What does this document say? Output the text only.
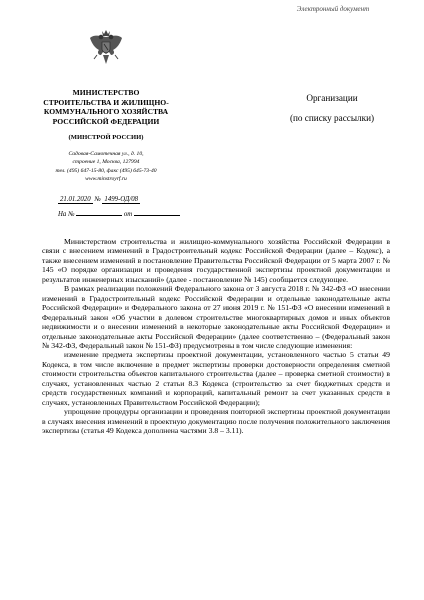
Электронный документ
МИНИСТЕРСТВО
СТРОИТЕЛЬСТВА И ЖИЛИЩНО-
КОММУНАЛЬНОГО ХОЗЯЙСТВА
РОССИЙСКОЙ ФЕДЕРАЦИИ
(МИНСТРОЙ РОССИИ)
Садовая-Самотечная ул., д. 10,
строение 1, Москва, 127994
тел. (495) 647-15-80, факс (495) 645-73-40
www.minstroyrf.ru
21.01.2020 № 1499-ОД/08
На №	от
Организации
(по списку рассылки)

Министерством строительства и жилищно-коммунального хозяйства Российской Федерации в связи с внесением изменений в Градостроительный кодекс Российской Федерации (далее – Кодекс), а также внесением изменений в постановление Правительства Российской Федерации от 5 марта 2007 г. № 145 «О порядке организации и проведения государственной экспертизы проектной документации и результатов инженерных изысканий» (далее - постановление № 145) сообщается следующее.

В рамках реализации положений Федерального закона от 3 августа 2018 г. № 342-ФЗ «О внесении изменений в Градостроительный кодекс Российской Федерации и отдельные законодательные акты Российской Федерации» и Федерального закона от 27 июня 2019 г. № 151-ФЗ «О внесении изменений в Федеральный закон «Об участии в долевом строительстве многоквартирных домов и иных объектов недвижимости и о внесении изменений в некоторые законодательные акты Российской Федерации» и отдельные законодательные акты Российской Федерации» (далее соответственно – (Федеральный закон № 342-ФЗ, Федеральный закон № 151-ФЗ) предусмотрены в том числе следующие изменения:

изменение предмета экспертизы проектной документации, установленного частью 5 статьи 49 Кодекса, в том числе включение в предмет экспертизы проверки достоверности определения сметной стоимости строительства объектов капитального строительства (далее – проверка сметной стоимости) в случаях, установленных частью 2 статьи 8.3 Кодекса (строительство за счет бюджетных средств и средств государственных компаний и корпораций, капитальный ремонт за счет указанных средств в случаях, установленных Правительством Российской Федерации);

упрощение процедуры организации и проведения повторной экспертизы проектной документации в случаях внесения изменений в проектную документацию после получения положительного заключения экспертизы (статья 49 Кодекса дополнена частями 3.8 – 3.11).
